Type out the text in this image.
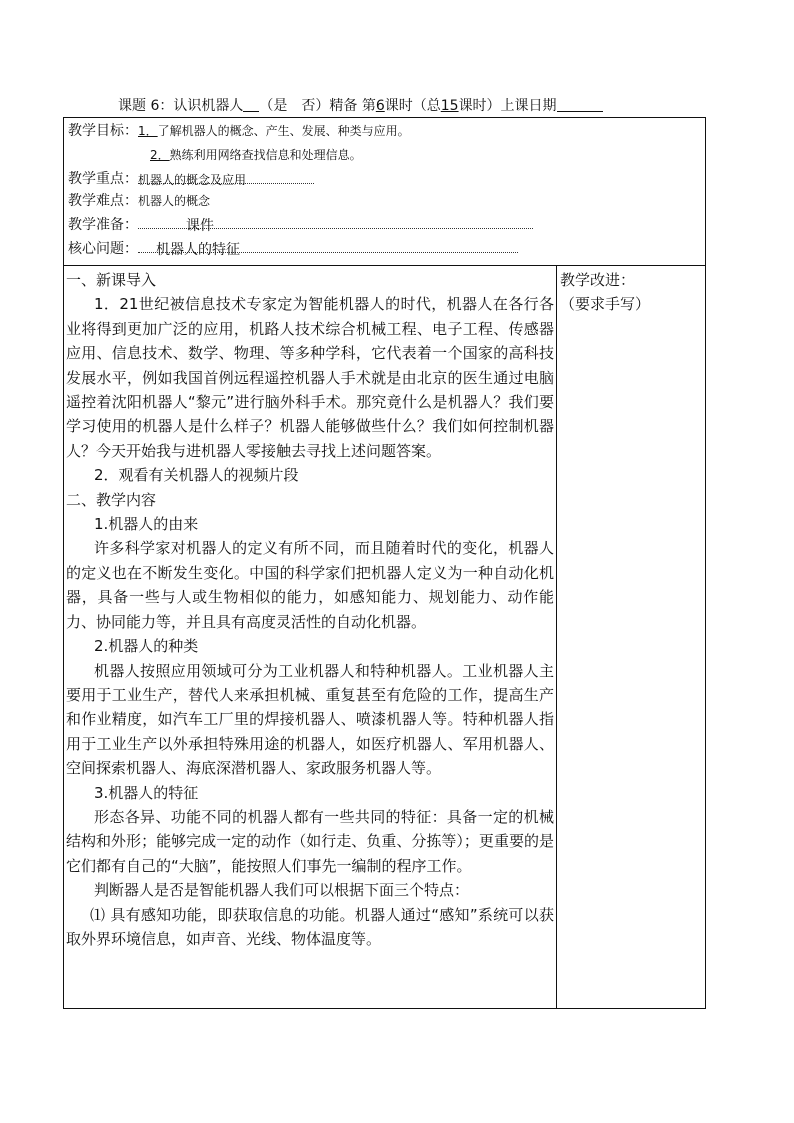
课题 6：认识机器人 （是　否）精备 第6课时（总15课时）上课日期
教学目标：1．了解机器人的概念、产生、发展、种类与应用。
2．熟练利用网络查找信息和处理信息。
教学重点：机器人的概念及应用
教学难点：机器人的概念
教学准备：	课件
核心问题： 机器人的特征

一、新课导入

1．21世纪被信息技术专家定为智能机器人的时代，机器人在各行各业将得到更加广泛的应用，机路人技术综合机械工程、电子工程、传感器应用、信息技术、数学、物理、等多种学科，它代表着一个国家的高科技发展水平，例如我国首例远程遥控机器人手术就是由北京的医生通过电脑遥控着沈阳机器人“黎元”进行脑外科手术。那究竟什么是机器人？我们要学习使用的机器人是什么样子？机器人能够做些什么？我们如何控制机器人？今天开始我与进机器人零接触去寻找上述问题答案。

2．观看有关机器人的视频片段

二、教学内容

1.机器人的由来

许多科学家对机器人的定义有所不同，而且随着时代的变化，机器人的定义也在不断发生变化。中国的科学家们把机器人定义为一种自动化机器，具备一些与人或生物相似的能力，如感知能力、规划能力、动作能力、协同能力等，并且具有高度灵活性的自动化机器。

2.机器人的种类

机器人按照应用领域可分为工业机器人和特种机器人。工业机器人主要用于工业生产，替代人来承担机械、重复甚至有危险的工作，提高生产和作业精度，如汽车工厂里的焊接机器人、喷漆机器人等。特种机器人指用于工业生产以外承担特殊用途的机器人，如医疗机器人、军用机器人、空间探索机器人、海底深潜机器人、家政服务机器人等。

3.机器人的特征

形态各异、功能不同的机器人都有一些共同的特征：具备一定的机械结构和外形；能够完成一定的动作（如行走、负重、分拣等）；更重要的是它们都有自己的“大脑”，能按照人们事先一编制的程序工作。

判断器人是否是智能机器人我们可以根据下面三个特点：

⑴ 具有感知功能，即获取信息的功能。机器人通过“感知”系统可以获取外界环境信息，如声音、光线、物体温度等。

教学改进：

（要求手写）
